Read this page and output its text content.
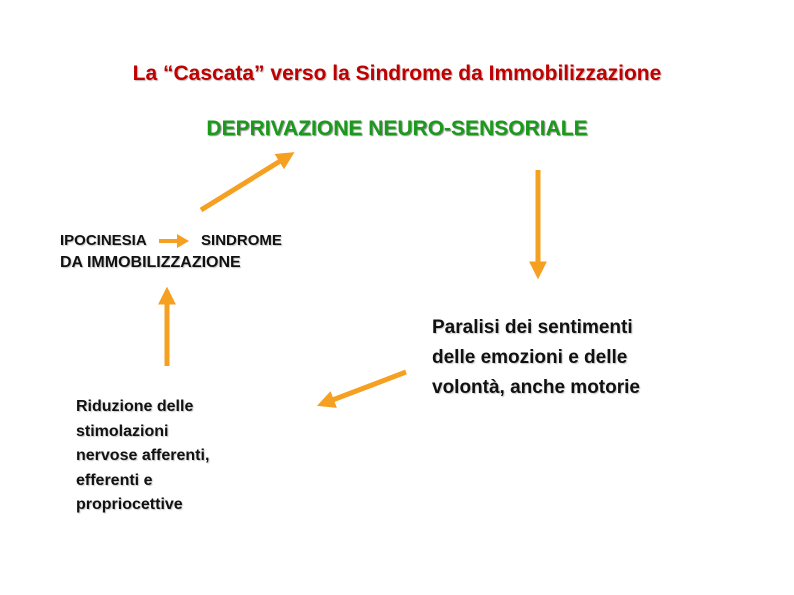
La “Cascata” verso la Sindrome da Immobilizzazione
DEPRIVAZIONE NEURO-SENSORIALE
IPOCINESIA	SINDROME
DA IMMOBILIZZAZIONE
Paralisi dei sentimenti
delle emozioni e delle
volontà, anche motorie
Riduzione delle
stimolazioni
nervose afferenti,
efferenti e
propriocettive
